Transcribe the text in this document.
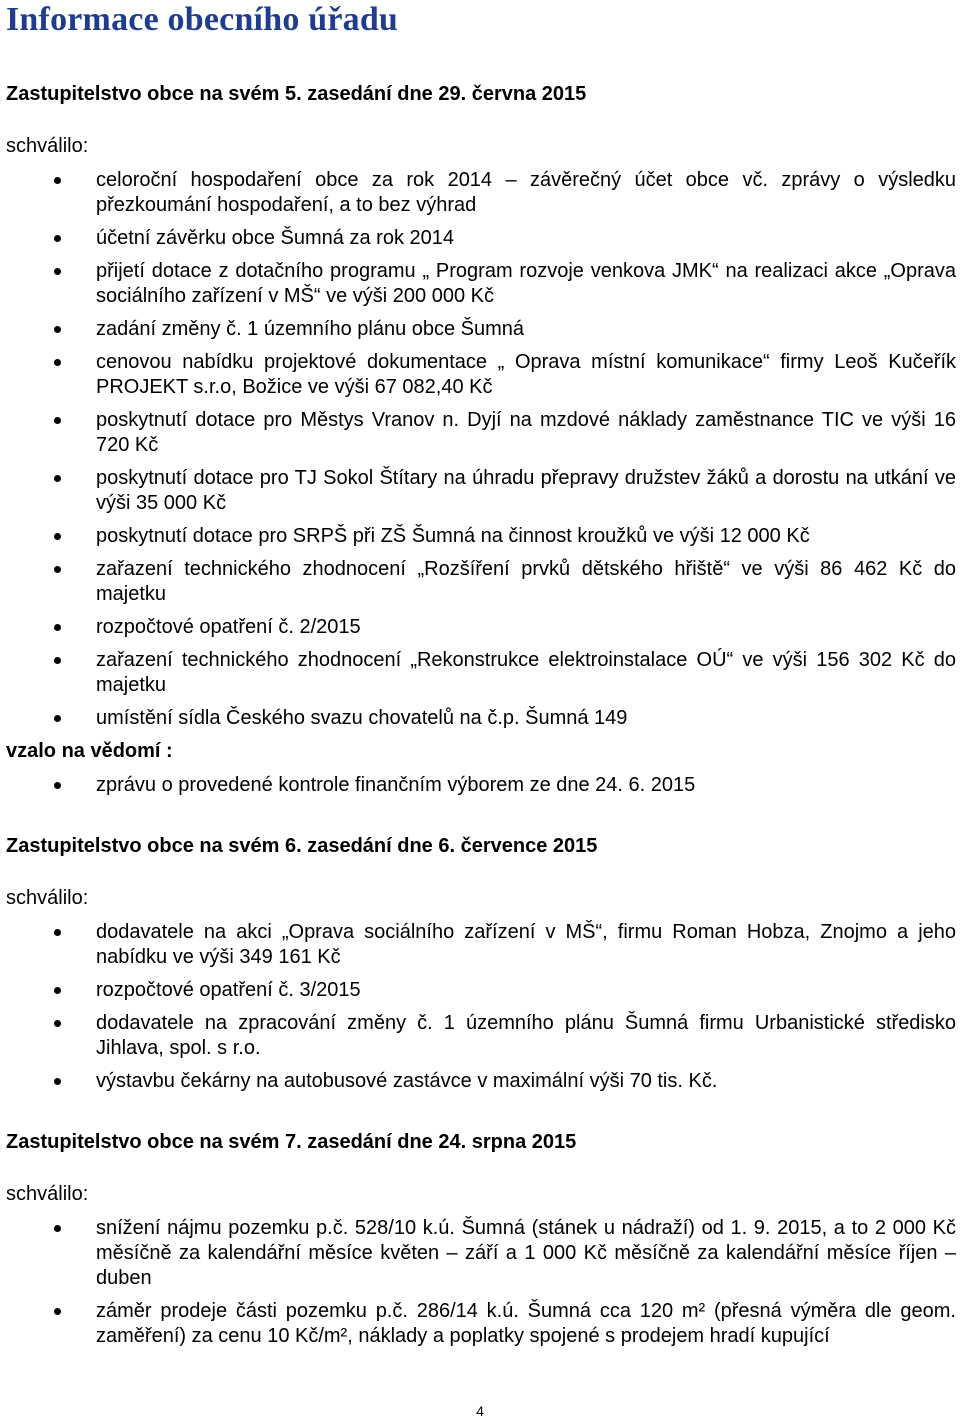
Informace obecního úřadu

Zastupitelstvo obce na svém 5. zasedání dne 29. června 2015

schválilo:

celoroční hospodaření obce za rok 2014 – závěrečný účet obce vč. zprávy o výsledku přezkoumání hospodaření, a to bez výhrad
účetní závěrku obce Šumná za rok 2014
přijetí dotace z dotačního programu „ Program rozvoje venkova JMK“ na realizaci akce „Oprava sociálního zařízení v MŠ“ ve výši 200 000 Kč
zadání změny č. 1 územního plánu obce Šumná
cenovou nabídku projektové dokumentace „ Oprava místní komunikace“ firmy Leoš Kučeřík PROJEKT s.r.o, Božice ve výši 67 082,40 Kč
poskytnutí dotace pro Městys Vranov n. Dyjí na mzdové náklady zaměstnance TIC ve výši 16 720 Kč
poskytnutí dotace pro TJ Sokol Štítary na úhradu přepravy družstev žáků a dorostu na utkání ve výši 35 000 Kč
poskytnutí dotace pro SRPŠ při ZŠ Šumná na činnost kroužků ve výši 12 000 Kč
zařazení technického zhodnocení „Rozšíření prvků dětského hřiště“ ve výši 86 462 Kč do majetku
rozpočtové opatření č. 2/2015
zařazení technického zhodnocení „Rekonstrukce elektroinstalace OÚ“ ve výši 156 302 Kč do majetku
umístění sídla Českého svazu chovatelů na č.p. Šumná 149

vzalo na vědomí :

zprávu o provedené kontrole finančním výborem ze dne 24. 6. 2015

Zastupitelstvo obce na svém 6. zasedání dne 6. července 2015

schválilo:

dodavatele na akci „Oprava sociálního zařízení v MŠ“, firmu Roman Hobza, Znojmo a jeho nabídku ve výši 349 161 Kč
rozpočtové opatření č. 3/2015
dodavatele na zpracování změny č. 1 územního plánu Šumná firmu Urbanistické středisko Jihlava, spol. s r.o.
výstavbu čekárny na autobusové zastávce v maximální výši 70 tis. Kč.

Zastupitelstvo obce na svém 7. zasedání dne 24. srpna 2015

schválilo:

snížení nájmu pozemku p.č. 528/10 k.ú. Šumná (stánek u nádraží) od 1. 9. 2015, a to 2 000 Kč měsíčně za kalendářní měsíce květen – září a 1 000 Kč měsíčně za kalendářní měsíce říjen – duben
záměr prodeje části pozemku p.č. 286/14 k.ú. Šumná cca 120 m² (přesná výměra dle geom. zaměření) za cenu 10 Kč/m², náklady a poplatky spojené s prodejem hradí kupující
4
